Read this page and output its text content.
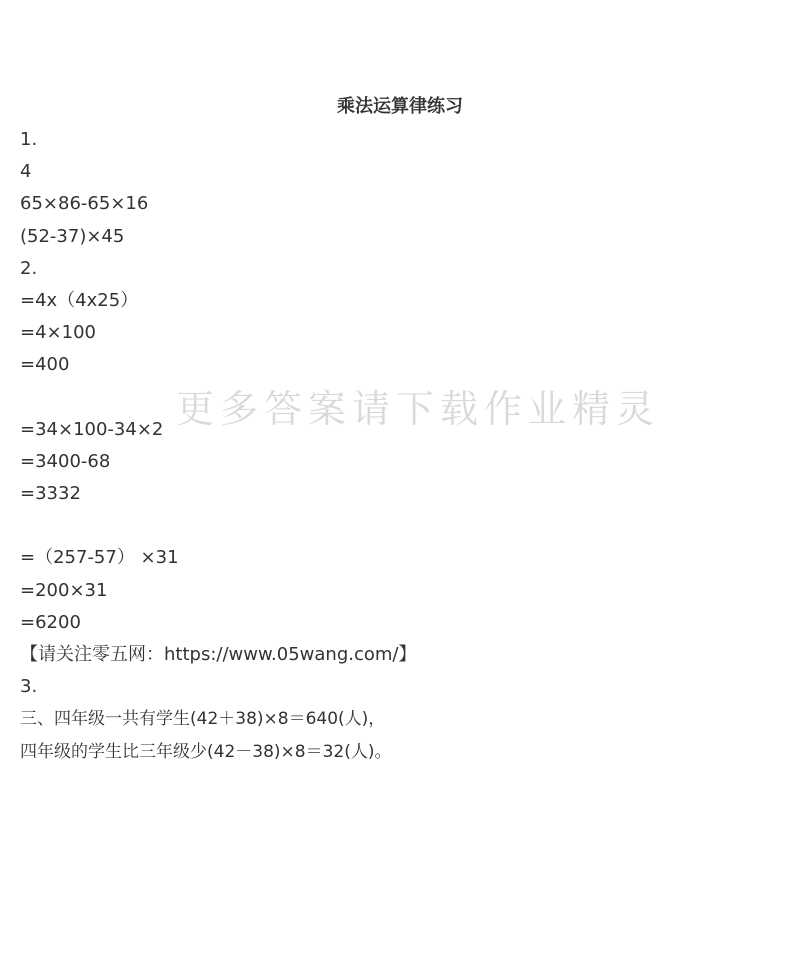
乘法运算律练习
1.
4
65×86-65×16
(52-37)×45
2.
=4x（4x25）
=4×100
=400
=34×100-34×2
=3400-68
=3332
=（257-57） ×31
=200×31
=6200
【请关注零五网：https://www.05wang.com/】
3.
三、四年级一共有学生(42＋38)×8＝640(人)，
四年级的学生比三年级少(42－38)×8＝32(人)。
更多答案请下载作业精灵
